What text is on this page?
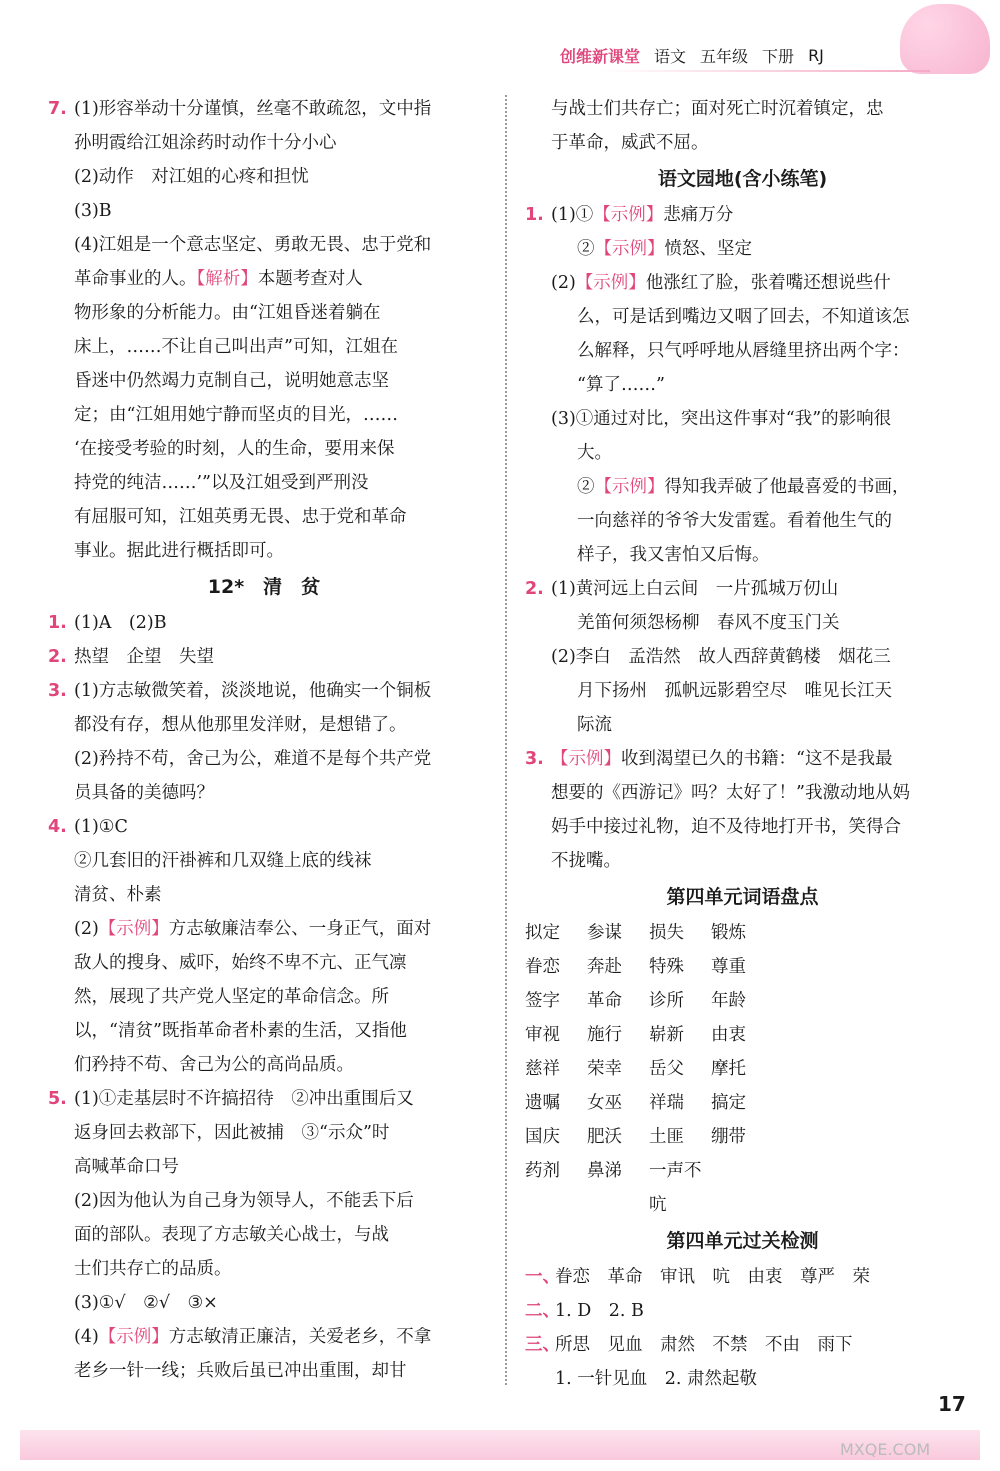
创维新课堂 语文 五年级 下册 RJ
7. (1)形容举动十分谨慎，丝毫不敢疏忽，文中指
孙明霞给江姐涂药时动作十分小心
(2)动作　对江姐的心疼和担忧
(3)B
(4)江姐是一个意志坚定、勇敢无畏、忠于党和
革命事业的人。【解析】本题考查对人
物形象的分析能力。由“江姐昏迷着躺在
床上，……不让自己叫出声”可知，江姐在
昏迷中仍然竭力克制自己，说明她意志坚
定；由“江姐用她宁静而坚贞的目光，……
‘在接受考验的时刻，人的生命，要用来保
持党的纯洁……’”以及江姐受到严刑没
有屈服可知，江姐英勇无畏、忠于党和革命
事业。据此进行概括即可。
12*　清　贫
1. (1)A　(2)B
2. 热望　企望　失望
3. (1)方志敏微笑着，淡淡地说，他确实一个铜板
都没有存，想从他那里发洋财，是想错了。
(2)矜持不苟，舍己为公，难道不是每个共产党
员具备的美德吗？
4. (1)①C
②几套旧的汗褂裤和几双缝上底的线袜
清贫、朴素
(2)【示例】方志敏廉洁奉公、一身正气，面对
敌人的搜身、威吓，始终不卑不亢、正气凛
然，展现了共产党人坚定的革命信念。所
以，“清贫”既指革命者朴素的生活，又指他
们矜持不苟、舍己为公的高尚品质。
5. (1)①走基层时不许搞招待　②冲出重围后又
返身回去救部下，因此被捕　③“示众”时
高喊革命口号
(2)因为他认为自己身为领导人，不能丢下后
面的部队。表现了方志敏关心战士，与战
士们共存亡的品质。
(3)①√　②√　③×
(4)【示例】方志敏清正廉洁，关爱老乡，不拿
老乡一针一线；兵败后虽已冲出重围，却甘
与战士们共存亡；面对死亡时沉着镇定，忠
于革命，威武不屈。
语文园地(含小练笔)
1. (1)①【示例】悲痛万分
②【示例】愤怒、坚定
(2)【示例】他涨红了脸，张着嘴还想说些什
么，可是话到嘴边又咽了回去，不知道该怎
么解释，只气呼呼地从唇缝里挤出两个字：
“算了……”
(3)①通过对比，突出这件事对“我”的影响很
大。
②【示例】得知我弄破了他最喜爱的书画，
一向慈祥的爷爷大发雷霆。看着他生气的
样子，我又害怕又后悔。
2. (1)黄河远上白云间　一片孤城万仞山
羌笛何须怨杨柳　春风不度玉门关
(2)李白　孟浩然　故人西辞黄鹤楼　烟花三
月下扬州　孤帆远影碧空尽　唯见长江天
际流
3. 【示例】收到渴望已久的书籍：“这不是我最
想要的《西游记》吗？太好了！”我激动地从妈
妈手中接过礼物，迫不及待地打开书，笑得合
不拢嘴。
第四单元词语盘点
拟定	参谋	损失	锻炼
眷恋	奔赴	特殊	尊重
签字	革命	诊所	年龄
审视	施行	崭新	由衷
慈祥	荣幸	岳父	摩托
遗嘱	女巫	祥瑞	搞定
国庆	肥沃	土匪	绷带
药剂	鼻涕	一声不吭
第四单元过关检测
一、
眷恋　革命　审讯　吭　由衷　尊严　荣
二、
1. D　2. B
三、
所思　见血　肃然　不禁　不由　雨下
1. 一针见血　2. 肃然起敬
17
MXQE.COM
